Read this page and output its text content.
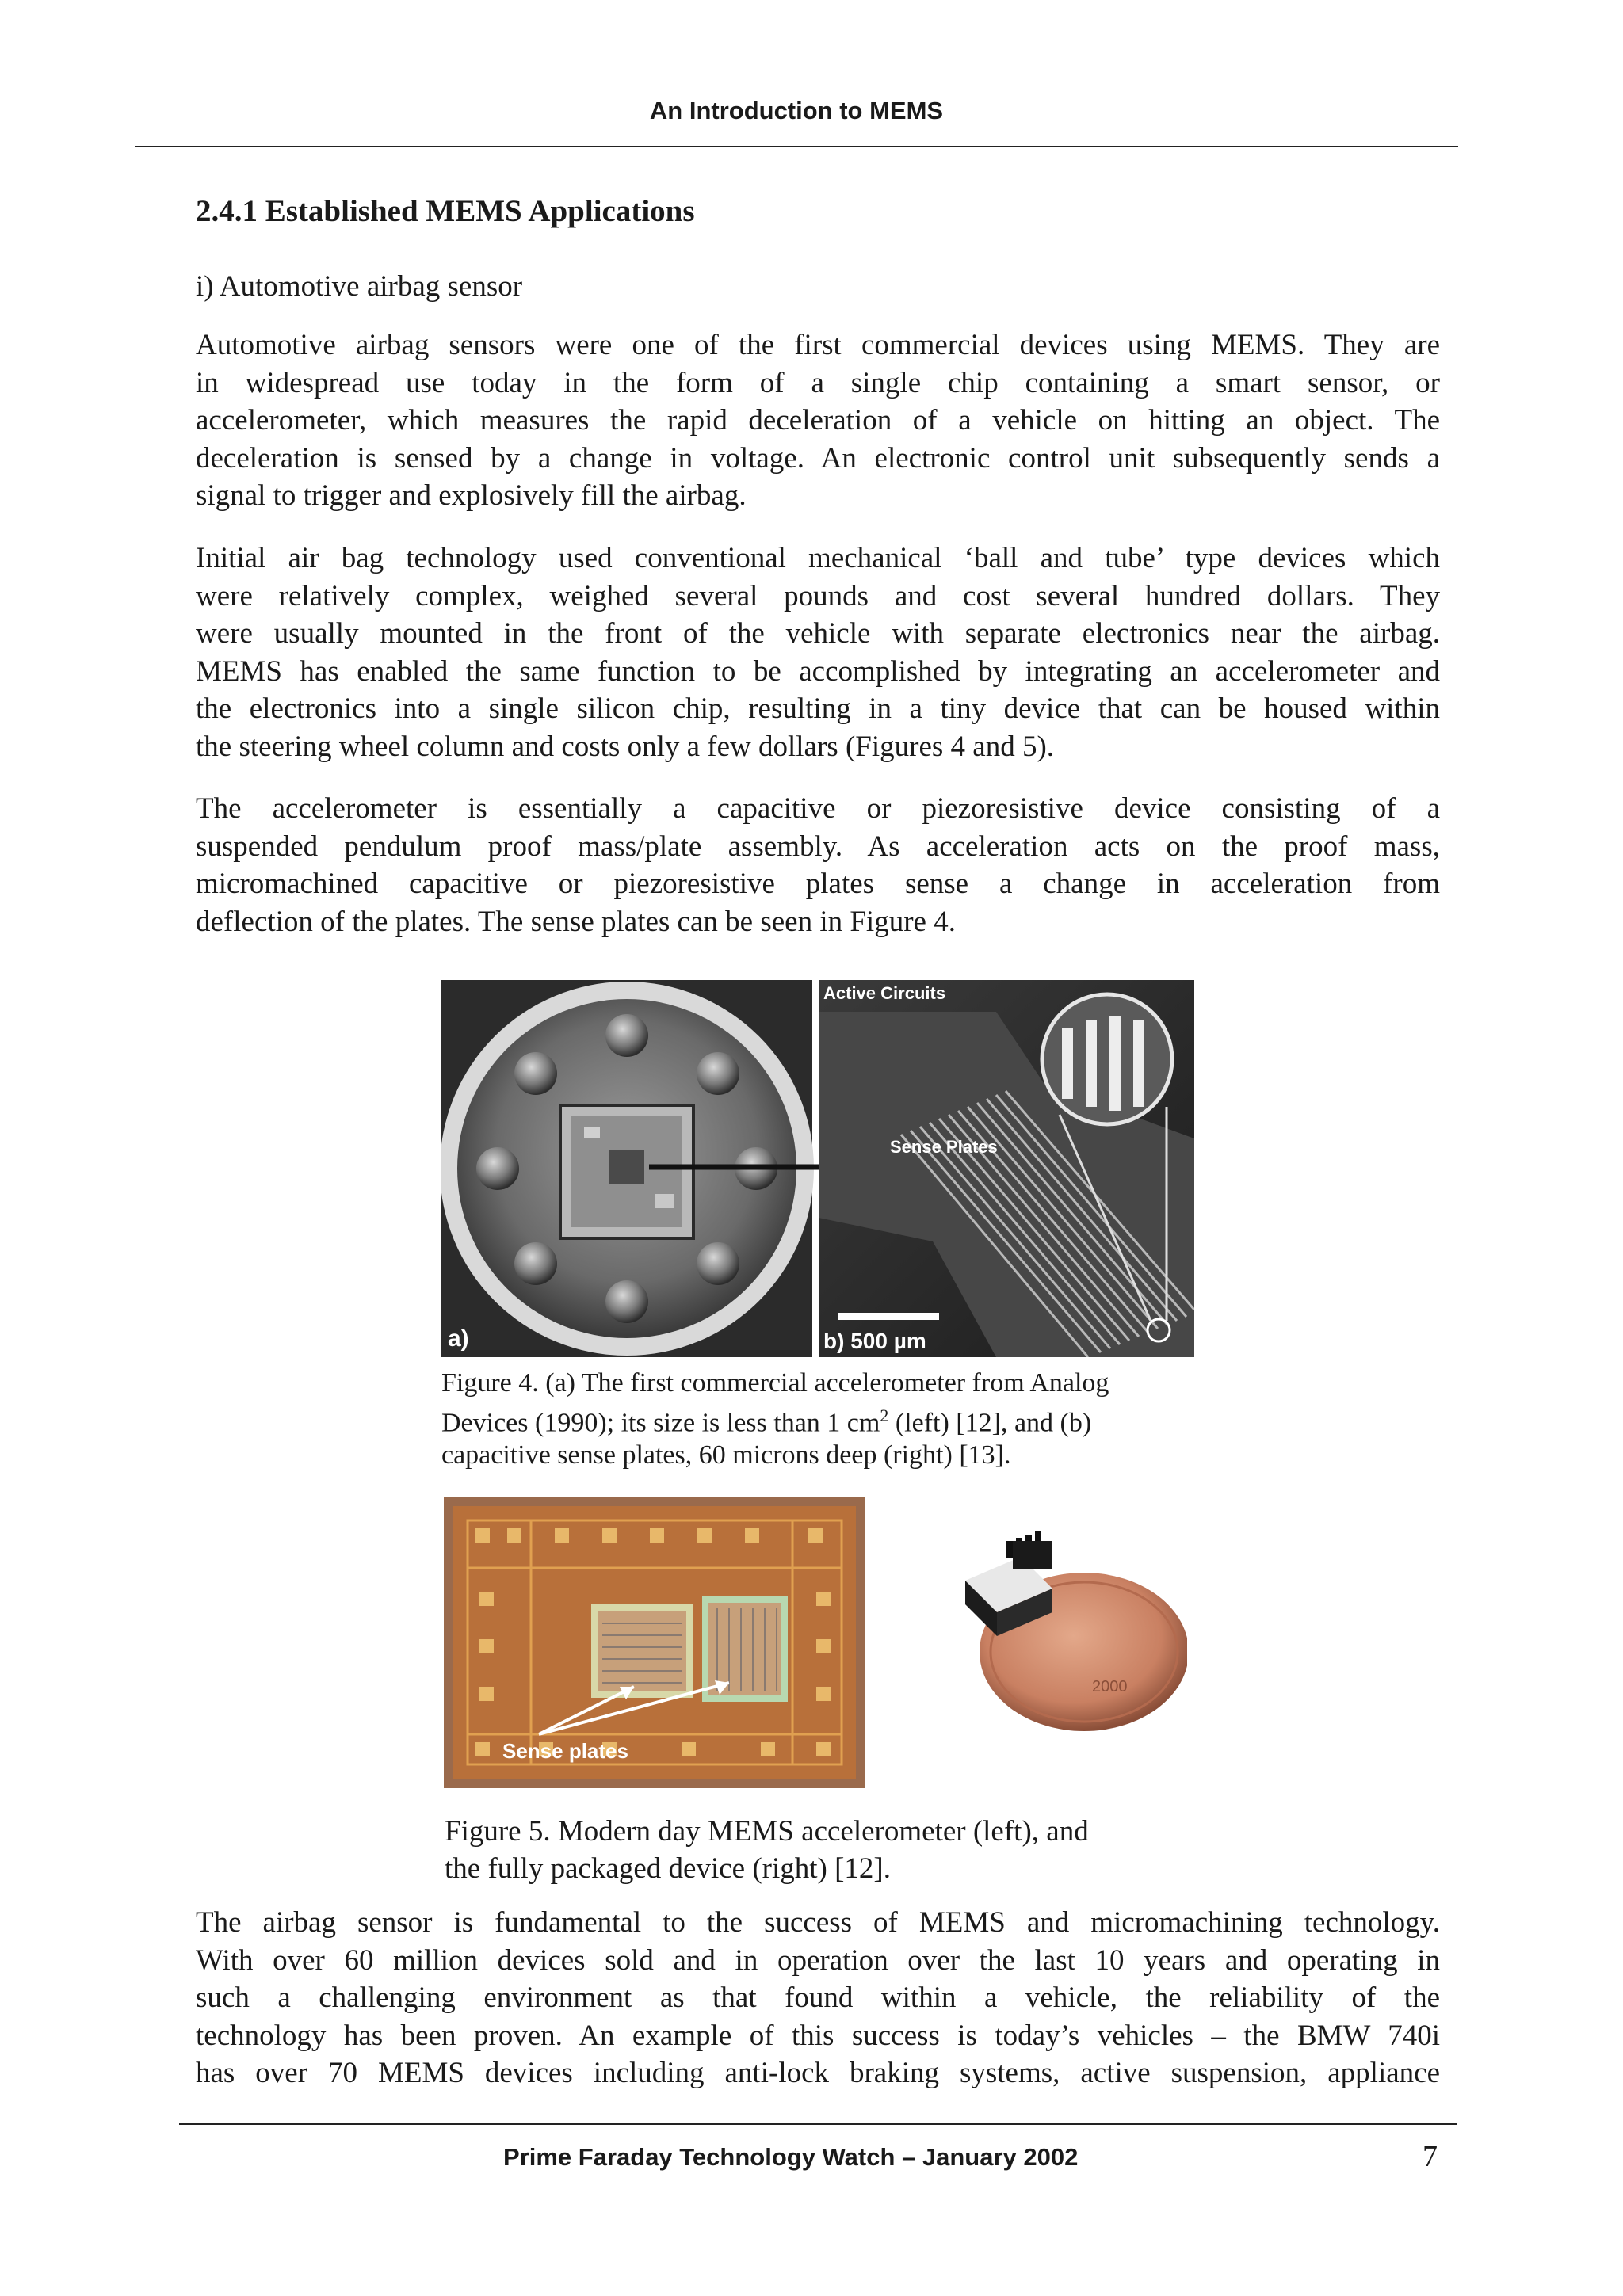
An Introduction to MEMS
2.4.1 Established MEMS Applications
i) Automotive airbag sensor
Automotive airbag sensors were one of the first commercial devices using MEMS. They are
in widespread use today in the form of a single chip containing a smart sensor, or
accelerometer, which measures the rapid deceleration of a vehicle on hitting an object. The
deceleration is sensed by a change in voltage. An electronic control unit subsequently sends a
signal to trigger and explosively fill the airbag.
Initial air bag technology used conventional mechanical ‘ball and tube’ type devices which
were relatively complex, weighed several pounds and cost several hundred dollars. They
were usually mounted in the front of the vehicle with separate electronics near the airbag.
MEMS has enabled the same function to be accomplished by integrating an accelerometer and
the electronics into a single silicon chip, resulting in a tiny device that can be housed within
the steering wheel column and costs only a few dollars (Figures 4 and 5).
The accelerometer is essentially a capacitive or piezoresistive device consisting of a
suspended pendulum proof mass/plate assembly. As acceleration acts on the proof mass,
micromachined capacitive or piezoresistive plates sense a change in acceleration from
deflection of the plates. The sense plates can be seen in Figure 4.
a)
Active Circuits
Sense Plates
b) 500 µm
Figure 4. (a) The first commercial accelerometer from Analog
Devices (1990); its size is less than 1 $cm^2$ (left) [12], and (b)
capacitive sense plates, 60 microns deep (right) [13].
Sense plates
2000
Figure 5. Modern day MEMS accelerometer (left), and
the fully packaged device (right) [12].
The airbag sensor is fundamental to the success of MEMS and micromachining technology.
With over 60 million devices sold and in operation over the last 10 years and operating in
such a challenging environment as that found within a vehicle, the reliability of the
technology has been proven. An example of this success is today’s vehicles – the BMW 740i
has over 70 MEMS devices including anti-lock braking systems, active suspension, appliance
Prime Faraday Technology Watch – January 2002	7
